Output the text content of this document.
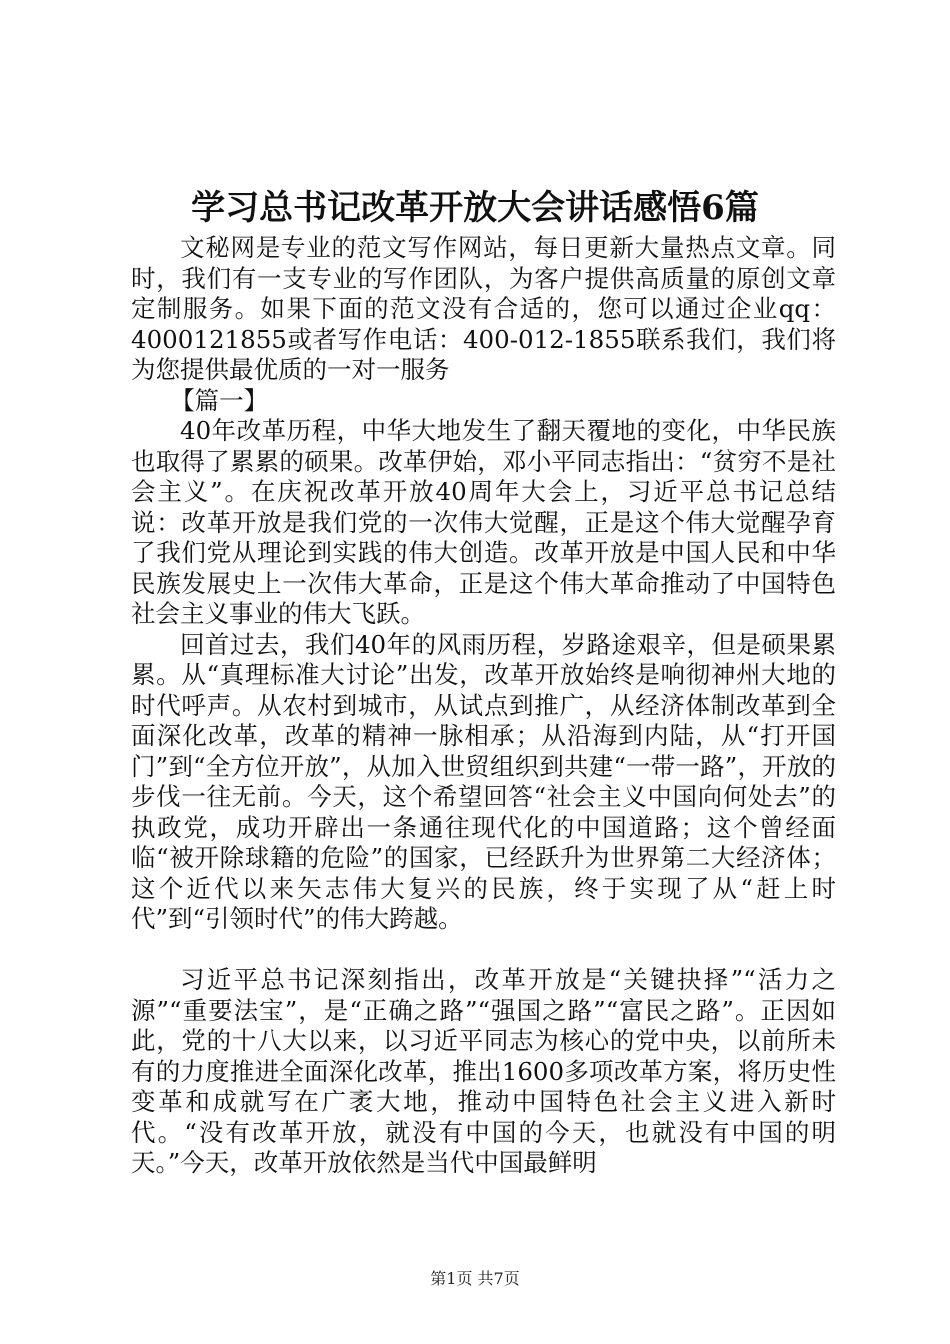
学习总书记改革开放大会讲话感悟6篇

文秘网是专业的范文写作网站，每日更新大量热点文章。同时，我们有一支专业的写作团队，为客户提供高质量的原创文章定制服务。如果下面的范文没有合适的，您可以通过企业qq：4000121855或者写作电话：400-012-1855联系我们，我们将为您提供最优质的一对一服务

【篇一】

40年改革历程，中华大地发生了翻天覆地的变化，中华民族也取得了累累的硕果。改革伊始，邓小平同志指出：“贫穷不是社会主义”。在庆祝改革开放40周年大会上，习近平总书记总结说：改革开放是我们党的一次伟大觉醒，正是这个伟大觉醒孕育了我们党从理论到实践的伟大创造。改革开放是中国人民和中华民族发展史上一次伟大革命，正是这个伟大革命推动了中国特色社会主义事业的伟大飞跃。

回首过去，我们40年的风雨历程，岁路途艰辛，但是硕果累累。从“真理标准大讨论”出发，改革开放始终是响彻神州大地的时代呼声。从农村到城市，从试点到推广，从经济体制改革到全面深化改革，改革的精神一脉相承；从沿海到内陆，从“打开国门”到“全方位开放”，从加入世贸组织到共建“一带一路”，开放的步伐一往无前。今天，这个希望回答“社会主义中国向何处去”的执政党，成功开辟出一条通往现代化的中国道路；这个曾经面临“被开除球籍的危险”的国家，已经跃升为世界第二大经济体；这个近代以来矢志伟大复兴的民族，终于实现了从“赶上时代”到“引领时代”的伟大跨越。

习近平总书记深刻指出，改革开放是“关键抉择”“活力之源”“重要法宝”，是“正确之路”“强国之路”“富民之路”。正因如此，党的十八大以来，以习近平同志为核心的党中央，以前所未有的力度推进全面深化改革，推出1600多项改革方案，将历史性变革和成就写在广袤大地，推动中国特色社会主义进入新时代。“没有改革开放，就没有中国的今天，也就没有中国的明天。”今天，改革开放依然是当代中国最鲜明

第1页 共7页
